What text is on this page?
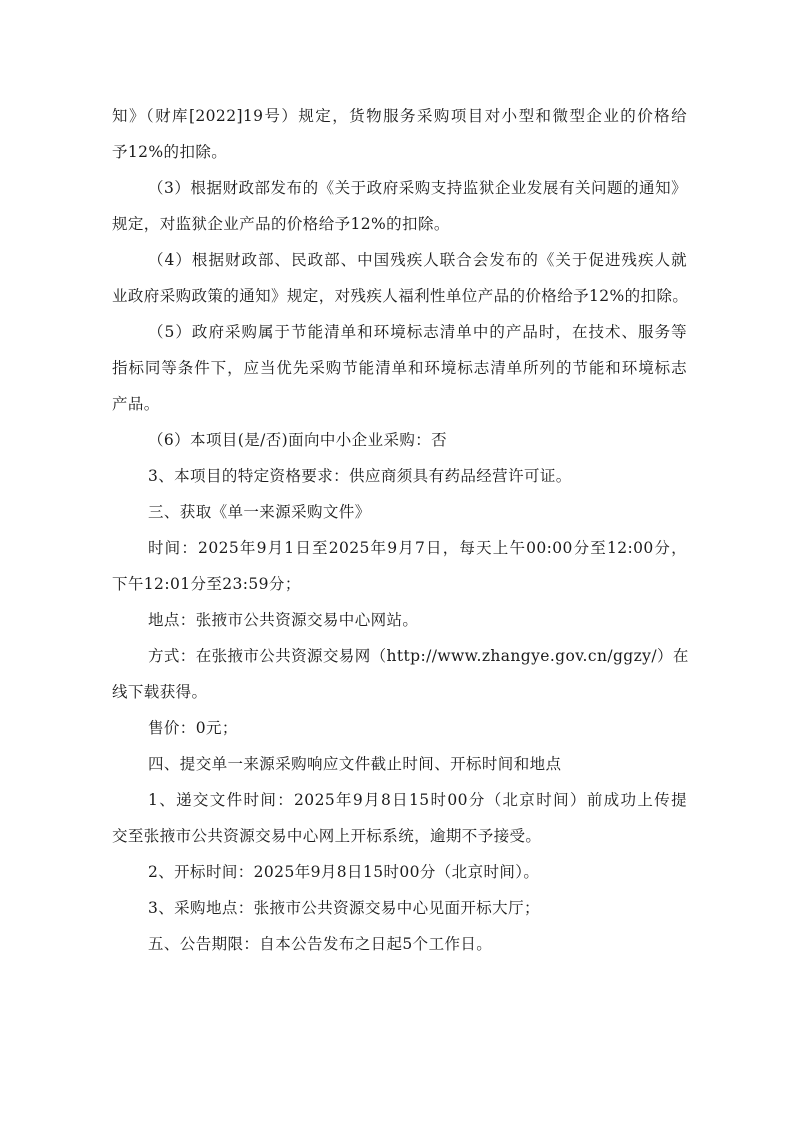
知》（财库[2022]19号）规定，货物服务采购项目对小型和微型企业的价格给

予12%的扣除。

（3）根据财政部发布的《关于政府采购支持监狱企业发展有关问题的通知》

规定，对监狱企业产品的价格给予12%的扣除。

（4）根据财政部、民政部、中国残疾人联合会发布的《关于促进残疾人就

业政府采购政策的通知》规定，对残疾人福利性单位产品的价格给予12%的扣除。

（5）政府采购属于节能清单和环境标志清单中的产品时，在技术、服务等

指标同等条件下，应当优先采购节能清单和环境标志清单所列的节能和环境标志

产品。

（6）本项目(是/否)面向中小企业采购：否

3、本项目的特定资格要求：供应商须具有药品经营许可证。

三、获取《单一来源采购文件》

时间：2025年9月1日至2025年9月7日，每天上午00:00分至12:00分，

下午12:01分至23:59分；

地点：张掖市公共资源交易中心网站。

方式：在张掖市公共资源交易网（http://www.zhangye.gov.cn/ggzy/）在

线下载获得。

售价：0元；

四、提交单一来源采购响应文件截止时间、开标时间和地点

1、递交文件时间：2025年9月8日15时00分（北京时间）前成功上传提

交至张掖市公共资源交易中心网上开标系统，逾期不予接受。

2、开标时间：2025年9月8日15时00分（北京时间）。

3、采购地点：张掖市公共资源交易中心见面开标大厅；

五、公告期限：自本公告发布之日起5个工作日。
